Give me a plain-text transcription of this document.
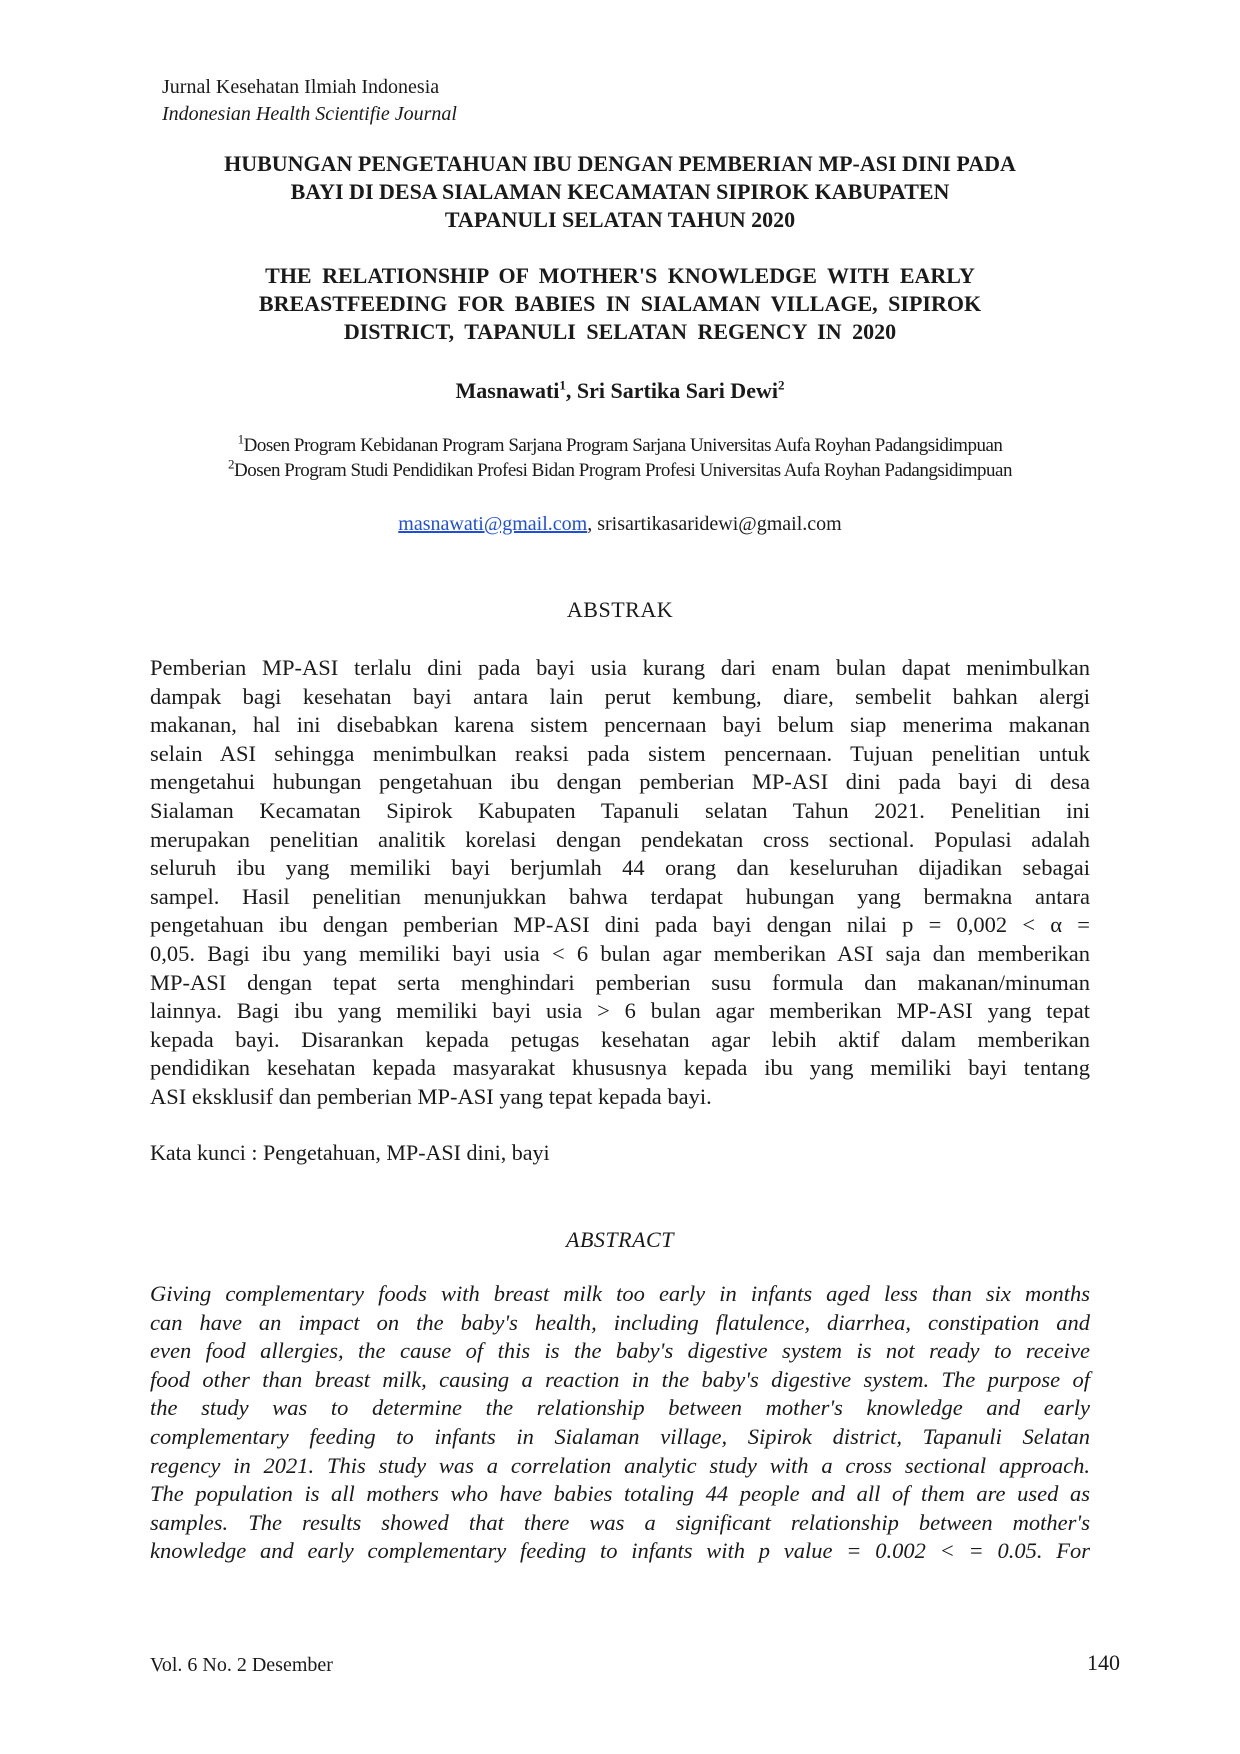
Jurnal Kesehatan Ilmiah Indonesia
Indonesian Health Scientifie Journal
HUBUNGAN PENGETAHUAN IBU DENGAN PEMBERIAN MP-ASI DINI PADA
BAYI DI DESA SIALAMAN KECAMATAN SIPIROK KABUPATEN
TAPANULI SELATAN TAHUN 2020
THE RELATIONSHIP OF MOTHER'S KNOWLEDGE WITH EARLY
BREASTFEEDING FOR BABIES IN SIALAMAN VILLAGE, SIPIROK
DISTRICT, TAPANULI SELATAN REGENCY IN 2020
Masnawati$^1$, Sri Sartika Sari Dewi$^2$
$^1$Dosen Program Kebidanan Program Sarjana Program Sarjana Universitas Aufa Royhan Padangsidimpuan
$^2$Dosen Program Studi Pendidikan Profesi Bidan Program Profesi Universitas Aufa Royhan Padangsidimpuan
masnawati@gmail.com, srisartikasaridewi@gmail.com
ABSTRAK
Pemberian MP-ASI terlalu dini pada bayi usia kurang dari enam bulan dapat menimbulkan
dampak bagi kesehatan bayi antara lain perut kembung, diare, sembelit bahkan alergi
makanan, hal ini disebabkan karena sistem pencernaan bayi belum siap menerima makanan
selain ASI sehingga menimbulkan reaksi pada sistem pencernaan. Tujuan penelitian untuk
mengetahui hubungan pengetahuan ibu dengan pemberian MP-ASI dini pada bayi di desa
Sialaman Kecamatan Sipirok Kabupaten Tapanuli selatan Tahun 2021. Penelitian ini
merupakan penelitian analitik korelasi dengan pendekatan cross sectional. Populasi adalah
seluruh ibu yang memiliki bayi berjumlah 44 orang dan keseluruhan dijadikan sebagai
sampel. Hasil penelitian menunjukkan bahwa terdapat hubungan yang bermakna antara
pengetahuan ibu dengan pemberian MP-ASI dini pada bayi dengan nilai p = 0,002 < α =
0,05. Bagi ibu yang memiliki bayi usia < 6 bulan agar memberikan ASI saja dan memberikan
MP-ASI dengan tepat serta menghindari pemberian susu formula dan makanan/minuman
lainnya. Bagi ibu yang memiliki bayi usia > 6 bulan agar memberikan MP-ASI yang tepat
kepada bayi. Disarankan kepada petugas kesehatan agar lebih aktif dalam memberikan
pendidikan kesehatan kepada masyarakat khususnya kepada ibu yang memiliki bayi tentang
ASI eksklusif dan pemberian MP-ASI yang tepat kepada bayi.
Kata kunci : Pengetahuan, MP-ASI dini, bayi
ABSTRACT
Giving complementary foods with breast milk too early in infants aged less than six months
can have an impact on the baby's health, including flatulence, diarrhea, constipation and
even food allergies, the cause of this is the baby's digestive system is not ready to receive
food other than breast milk, causing a reaction in the baby's digestive system. The purpose of
the study was to determine the relationship between mother's knowledge and early
complementary feeding to infants in Sialaman village, Sipirok district, Tapanuli Selatan
regency in 2021. This study was a correlation analytic study with a cross sectional approach.
The population is all mothers who have babies totaling 44 people and all of them are used as
samples. The results showed that there was a significant relationship between mother's
knowledge and early complementary feeding to infants with p value = 0.002 < = 0.05. For
Vol. 6 No. 2 Desember	140
